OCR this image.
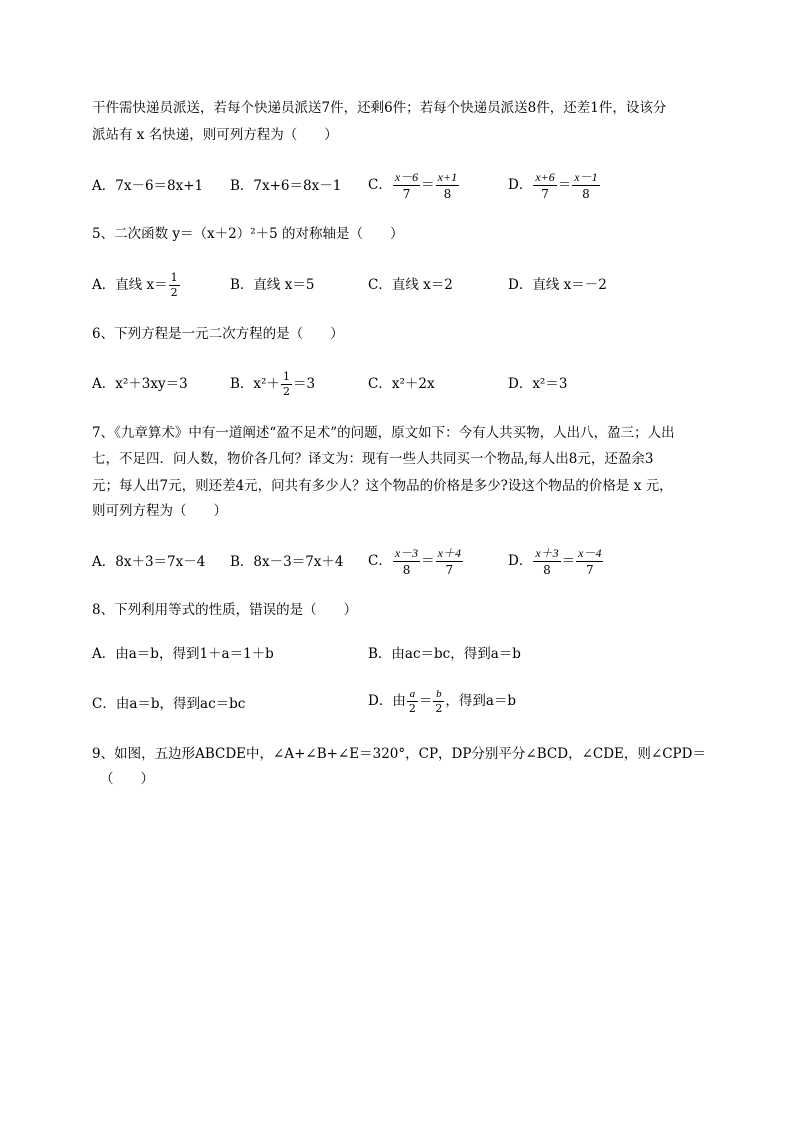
干件需快递员派送，若每个快递员派送7件，还剩6件；若每个快递员派送8件，还差1件，设该分
派站有 x 名快递，则可列方程为（　　）
A．7x－6＝8x+1 B．7x+6＝8x－1 C． $\frac{x-6}{7} = \frac{x+1}{8}$	D． $\frac{x+6}{7} = \frac{x-1}{8}$
5、二次函数 y＝（x＋2）²＋5 的对称轴是（　　）
A．直线 $x= \frac{1}{2}$	B．直线 x＝5	C．直线 x＝2	D．直线 x＝－2
6、下列方程是一元二次方程的是（　　）
A．x²＋3xy＝3	B．$x^2+ \frac{1}{2} =3$	C．x²＋2x	D．x²＝3
7、《九章算术》中有一道阐述“盈不足术”的问题，原文如下：今有人共买物，人出八，盈三；人出
七，不足四．问人数，物价各几何？译文为：现有一些人共同买一个物品,每人出8元，还盈余3
元；每人出7元，则还差4元，问共有多少人？这个物品的价格是多少?设这个物品的价格是 x 元，
则可列方程为（　　）
A．8x＋3＝7x－4 B．8x－3＝7x＋4 C． $\frac{x-3}{8} = \frac{x+4}{7}$	D． $\frac{x+3}{8} = \frac{x-4}{7}$
8、下列利用等式的性质，错误的是（　　）
A．由a＝b，得到1＋a＝1＋b	B．由ac＝bc，得到a＝b
C．由a＝b，得到ac＝bc	D．由 $\frac{a}{2} = \frac{b}{2}$ ，得到a＝b
9、如图，五边形ABCDE中，∠A+∠B+∠E＝320°，CP，DP分别平分∠BCD，∠CDE，则∠CPD＝
（　　）
